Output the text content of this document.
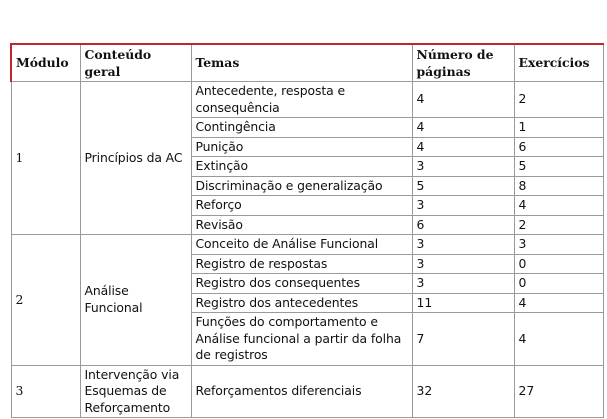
Módulo	Conteúdo geral	Temas	Número de páginas	Exercícios
1	Princípios da AC	Antecedente, resposta e consequência	4	2
		Contingência	4	1
		Punição	4	6
		Extinção	3	5
		Discriminação e generalização	5	8
		Reforço	3	4
		Revisão	6	2
2	Análise Funcional	Conceito de Análise Funcional	3	3
		Registro de respostas	3	0
		Registro dos consequentes	3	0
		Registro dos antecedentes	11	4
		Funções do comportamento e Análise funcional a partir da folha de registros	7	4
3	Intervenção via Esquemas de Reforçamento	Reforçamentos diferenciais	32	27
